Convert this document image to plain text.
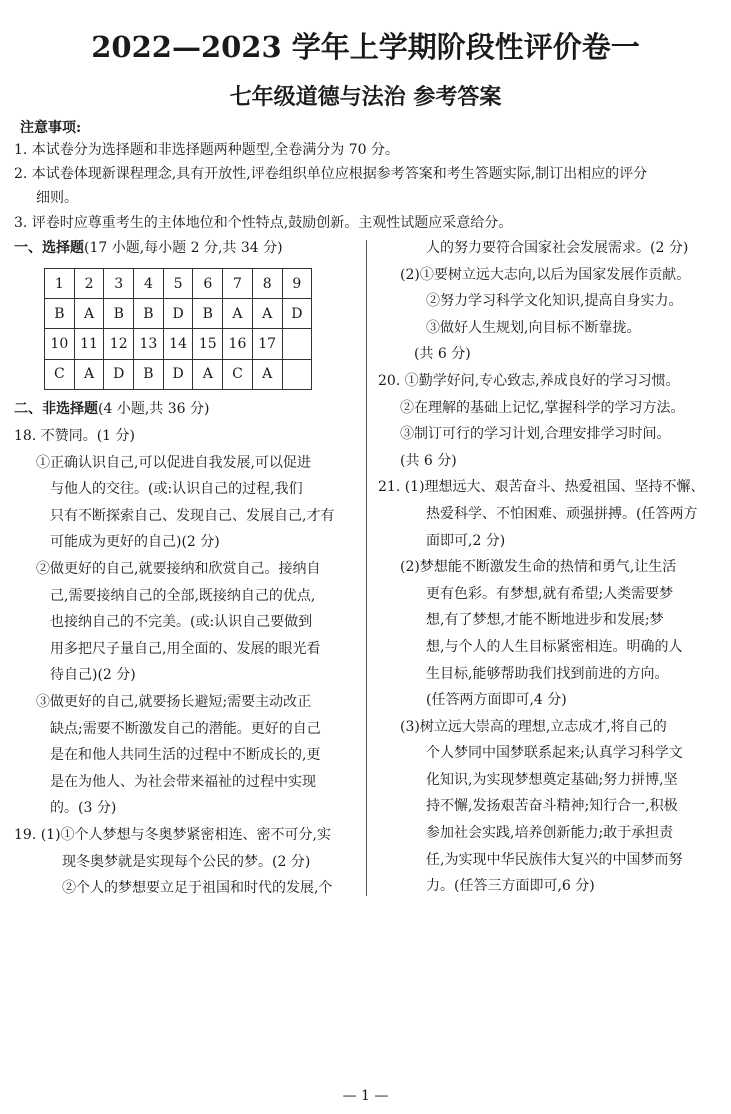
2022—2023 学年上学期阶段性评价卷一
七年级道德与法治 参考答案
注意事项:
1. 本试卷分为选择题和非选择题两种题型,全卷满分为 70 分。
2. 本试卷体现新课程理念,具有开放性,评卷组织单位应根据参考答案和考生答题实际,制订出相应的评分
细则。
3. 评卷时应尊重考生的主体地位和个性特点,鼓励创新。主观性试题应采意给分。
一、选择题(17 小题,每小题 2 分,共 34 分)
1	2	3	4	5	6	7	8	9
B	A	B	B	D	B	A	A	D
10	11	12	13	14	15	16	17	
C	A	D	B	D	A	C	A	
二、非选择题(4 小题,共 36 分)

18. 不赞同。(1 分)

①正确认识自己,可以促进自我发展,可以促进

与他人的交往。(或:认识自己的过程,我们

只有不断探索自己、发现自己、发展自己,才有

可能成为更好的自己)(2 分)

②做更好的自己,就要接纳和欣赏自己。接纳自

己,需要接纳自己的全部,既接纳自己的优点,

也接纳自己的不完美。(或:认识自己要做到

用多把尺子量自己,用全面的、发展的眼光看

待自己)(2 分)

③做更好的自己,就要扬长避短;需要主动改正

缺点;需要不断激发自己的潜能。更好的自己

是在和他人共同生活的过程中不断成长的,更

是在为他人、为社会带来福祉的过程中实现

的。(3 分)

19. (1)①个人梦想与冬奥梦紧密相连、密不可分,实

现冬奥梦就是实现每个公民的梦。(2 分)

②个人的梦想要立足于祖国和时代的发展,个

人的努力要符合国家社会发展需求。(2 分)

(2)①要树立远大志向,以后为国家发展作贡献。

②努力学习科学文化知识,提高自身实力。

③做好人生规划,向目标不断靠拢。

(共 6 分)

20. ①勤学好问,专心致志,养成良好的学习习惯。

②在理解的基础上记忆,掌握科学的学习方法。

③制订可行的学习计划,合理安排学习时间。

(共 6 分)

21. (1)理想远大、艰苦奋斗、热爱祖国、坚持不懈、

热爱科学、不怕困难、顽强拼搏。(任答两方

面即可,2 分)

(2)梦想能不断激发生命的热情和勇气,让生活

更有色彩。有梦想,就有希望;人类需要梦

想,有了梦想,才能不断地进步和发展;梦

想,与个人的人生目标紧密相连。明确的人

生目标,能够帮助我们找到前进的方向。

(任答两方面即可,4 分)

(3)树立远大崇高的理想,立志成才,将自己的

个人梦同中国梦联系起来;认真学习科学文

化知识,为实现梦想奠定基础;努力拼博,坚

持不懈,发扬艰苦奋斗精神;知行合一,积极

参加社会实践,培养创新能力;敢于承担责

任,为实现中华民族伟大复兴的中国梦而努

力。(任答三方面即可,6 分)

— 1 —
